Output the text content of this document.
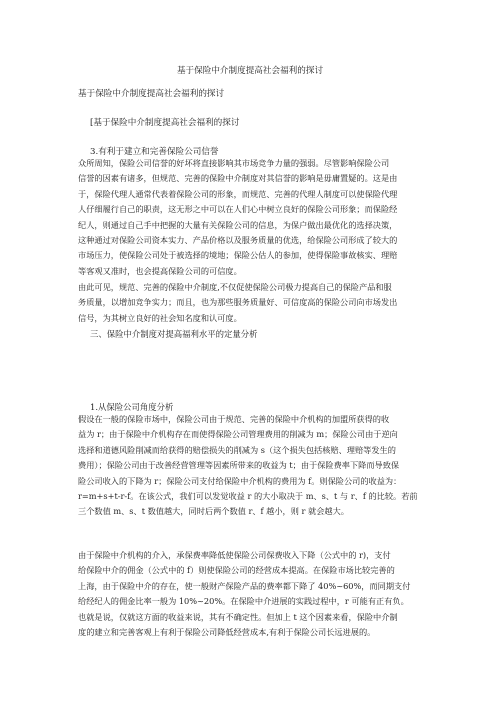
基于保险中介制度提高社会福利的探讨

基于保险中介制度提高社会福利的探讨

[基于保险中介制度提高社会福利的探讨

3.有利于建立和完善保险公司信誉

众所周知，保险公司信誉的好坏将直接影响其市场竞争力量的强弱。尽管影响保险公司
信誉的因素有诸多，但规范、完善的保险中介制度对其信誉的影响是毋庸置疑的。这是由
于，保险代理人通常代表着保险公司的形象，而规范、完善的代理人制度可以使保险代理
人仔细履行自己的职责，这无形之中可以在人们心中树立良好的保险公司形象；而保险经
纪人，则通过自己手中把握的大量有关保险公司的信息，为保户做出最优化的选择决策，
这种通过对保险公司资本实力、产品价格以及服务质量的优选，给保险公司形成了较大的
市场压力，使保险公司处于被选择的境地；保险公估人的参加，使得保险事故核实、理赔
等客观又准时，也会提高保险公司的可信度。
由此可见，规范、完善的保险中介制度,不仅促使保险公司极力提高自己的保险产品和服
务质量，以增加竞争实力；而且，也为那些服务质量好、可信度高的保险公司向市场发出
信号，为其树立良好的社会知名度和认可度。

三、保险中介制度对提高福利水平的定量分析

1.从保险公司角度分析

假设在一般的保险市场中，保险公司由于规范、完善的保险中介机构的加盟所获得的收
益为 r；由于保险中介机构存在而使得保险公司管理费用的削减为 m；保险公司由于逆向
选择和道德风险削减而给获得的赔偿损失的削减为 s（这个损失包括核赔、理赔等发生的
费用）；保险公司由于改善经营管理等因素所带来的收益为 t；由于保险费率下降而导致保
险公司收入的下降为 r；保险公司支付给保险中介机构的费用为 f。则保险公司的收益为：
r=m+s+t-r-f。在该公式，我们可以发觉收益 r 的大小取决于 m、s、t 与 r、f 的比较。若前
三个数值 m、s、t 数值越大，同时后两个数值 r、f 越小，则 r 就会越大。
由于保险中介机构的介入，承保费率降低使保险公司保费收入下降（公式中的 r)，支付
给保险中介的佣金（公式中的 f）则使保险公司的经营成本提高。在保险市场比较完善的
上海，由于保险中介的存在，使一般财产保险产品的费率都下降了 40%~60%，而同期支付
给经纪人的佣金比率一般为 10%~20%。在保险中介进展的实践过程中，r 可能有正有负。
也就是说，仅就这方面的收益来说，其有不确定性。但加上 t 这个因素来看，保险中介制
度的建立和完善客观上有利于保险公司降低经营成本,有利于保险公司长远进展的。
